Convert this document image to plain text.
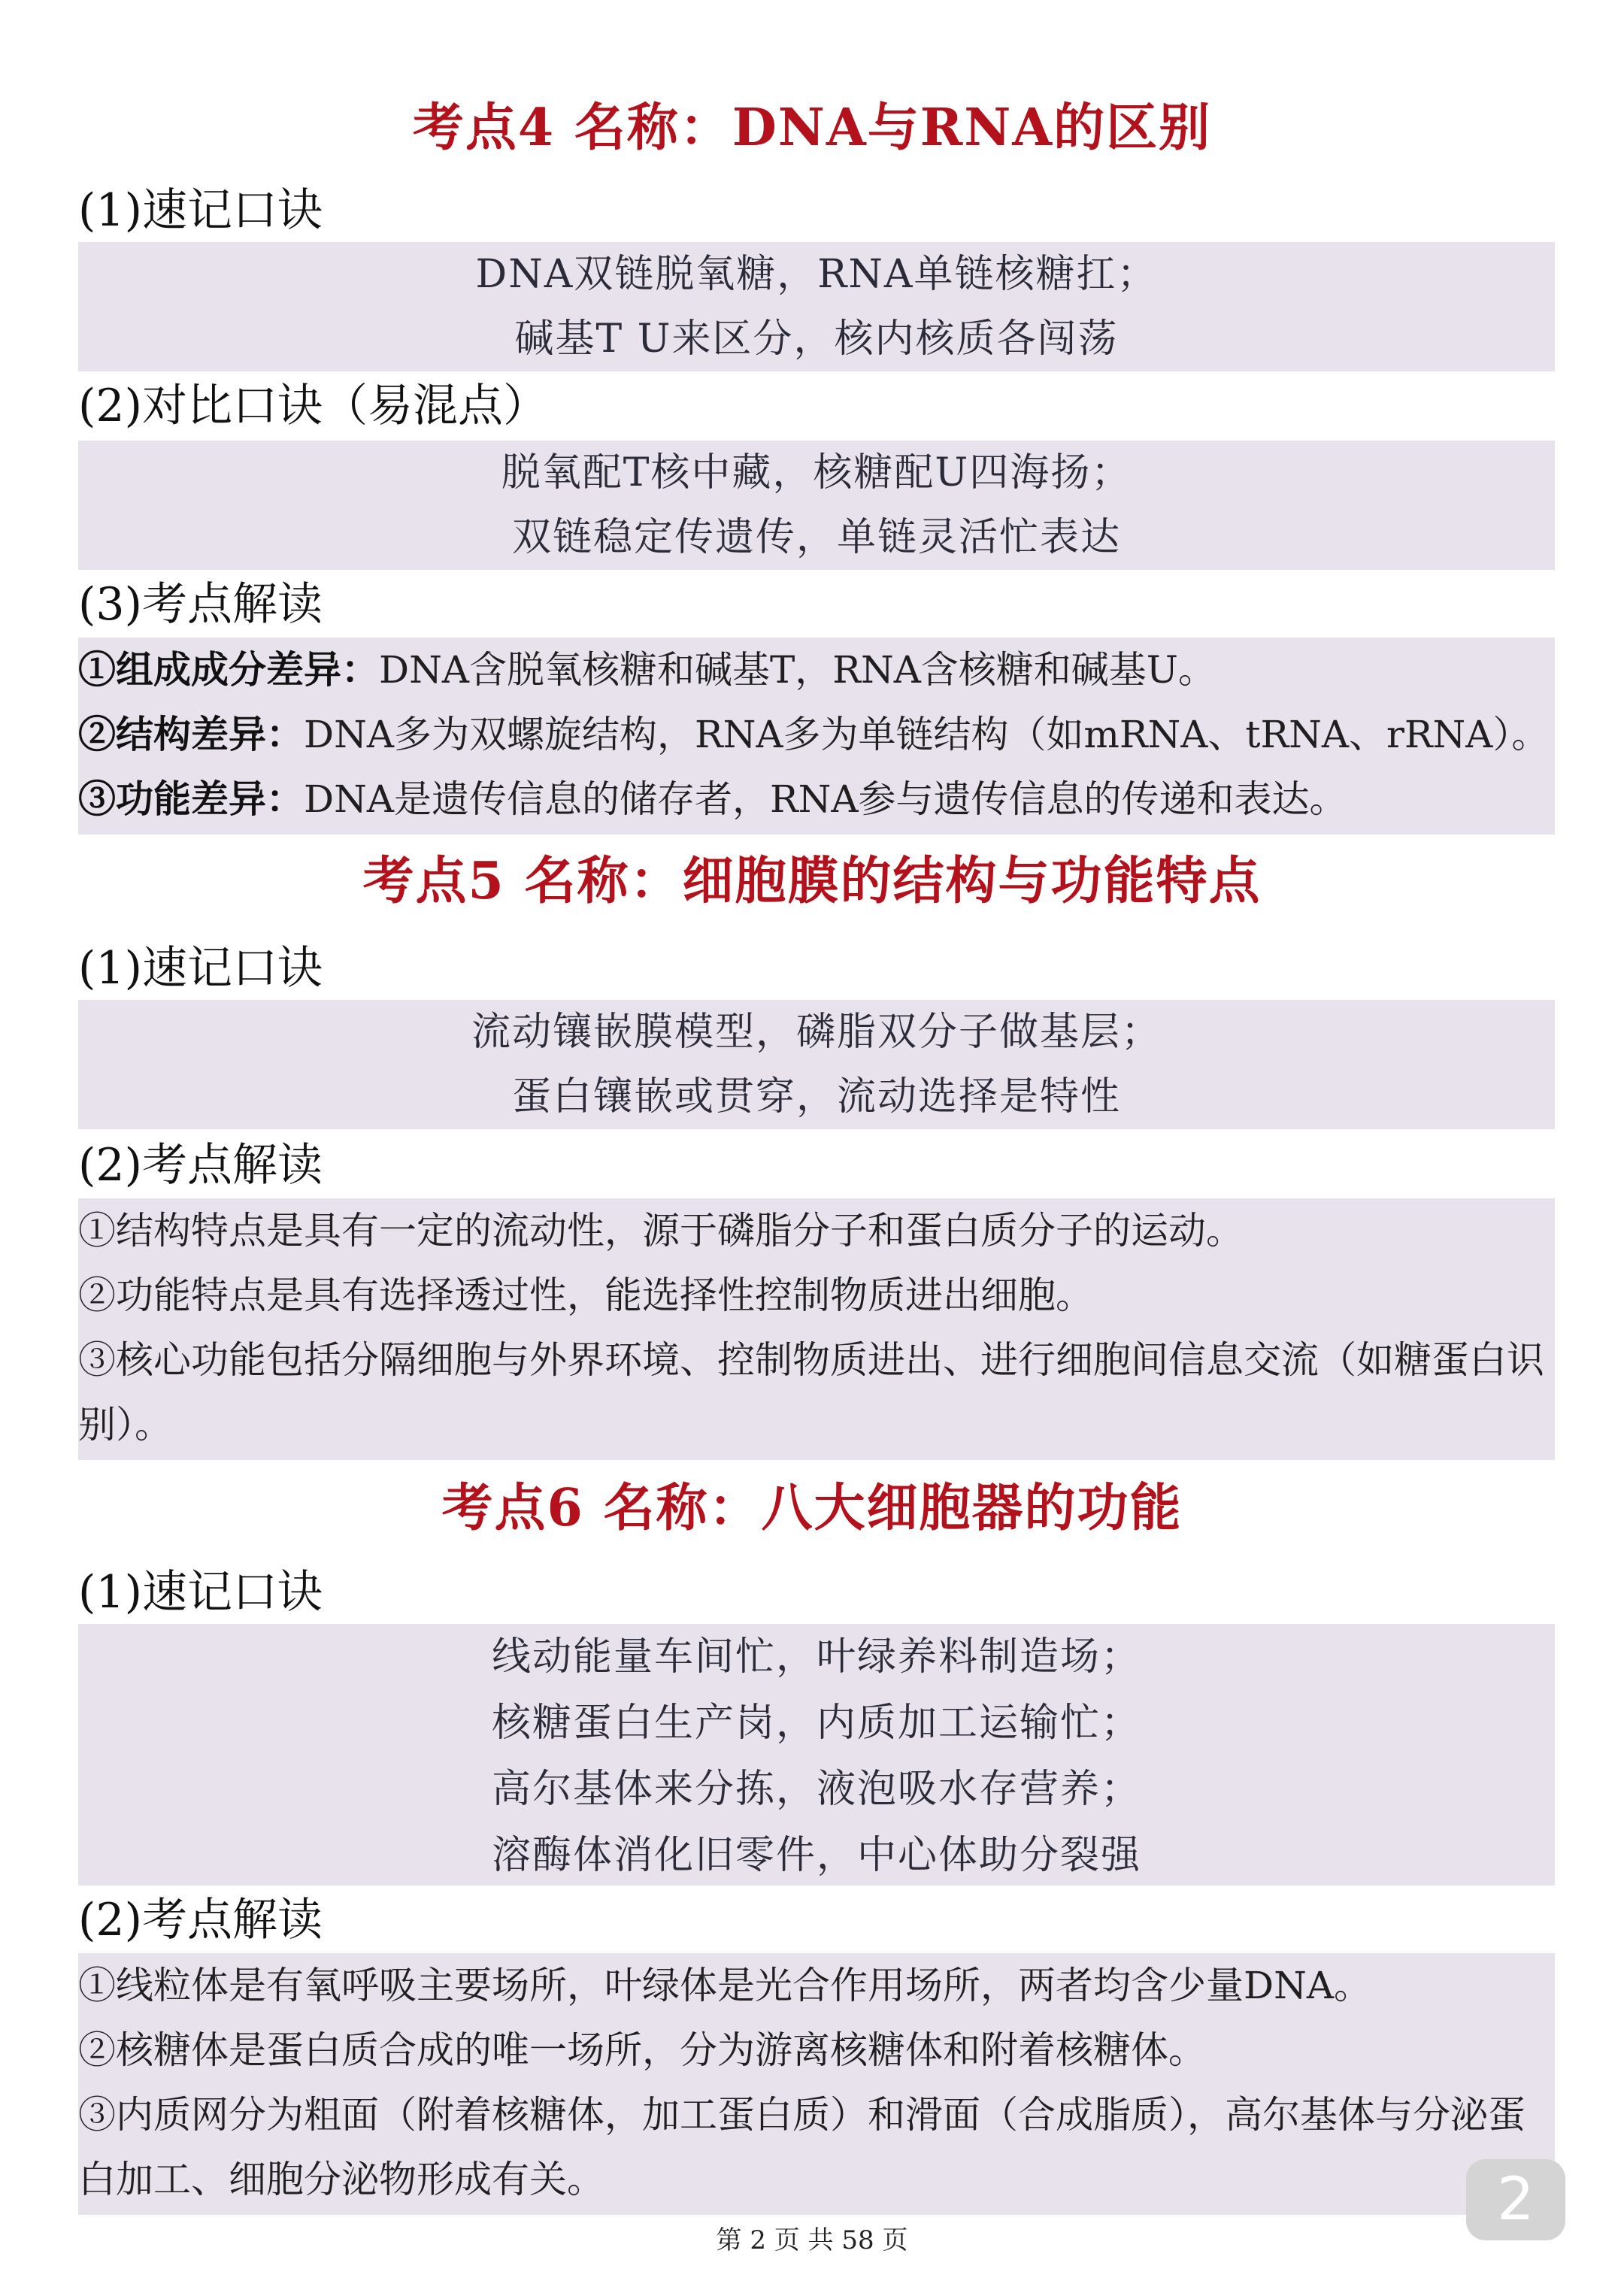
考点4 名称：DNA与RNA的区别
(1)速记口诀
DNA双链脱氧糖，RNA单链核糖扛；
碱基T U来区分，核内核质各闯荡
(2)对比口诀（易混点）
脱氧配T核中藏，核糖配U四海扬；
双链稳定传遗传，单链灵活忙表达
(3)考点解读
①组成成分差异：DNA含脱氧核糖和碱基T，RNA含核糖和碱基U。
②结构差异：DNA多为双螺旋结构，RNA多为单链结构（如mRNA、tRNA、rRNA）。
③功能差异：DNA是遗传信息的储存者，RNA参与遗传信息的传递和表达。
考点5 名称：细胞膜的结构与功能特点
(1)速记口诀
流动镶嵌膜模型，磷脂双分子做基层；
蛋白镶嵌或贯穿，流动选择是特性
(2)考点解读
①结构特点是具有一定的流动性，源于磷脂分子和蛋白质分子的运动。
②功能特点是具有选择透过性，能选择性控制物质进出细胞。
③核心功能包括分隔细胞与外界环境、控制物质进出、进行细胞间信息交流（如糖蛋白识别）。
考点6 名称：八大细胞器的功能
(1)速记口诀
线动能量车间忙，叶绿养料制造场；
核糖蛋白生产岗，内质加工运输忙；
高尔基体来分拣，液泡吸水存营养；
溶酶体消化旧零件，中心体助分裂强
(2)考点解读
①线粒体是有氧呼吸主要场所，叶绿体是光合作用场所，两者均含少量DNA。
②核糖体是蛋白质合成的唯一场所，分为游离核糖体和附着核糖体。
③内质网分为粗面（附着核糖体，加工蛋白质）和滑面（合成脂质），高尔基体与分泌蛋白加工、细胞分泌物形成有关。
第 2 页 共 58 页
2
